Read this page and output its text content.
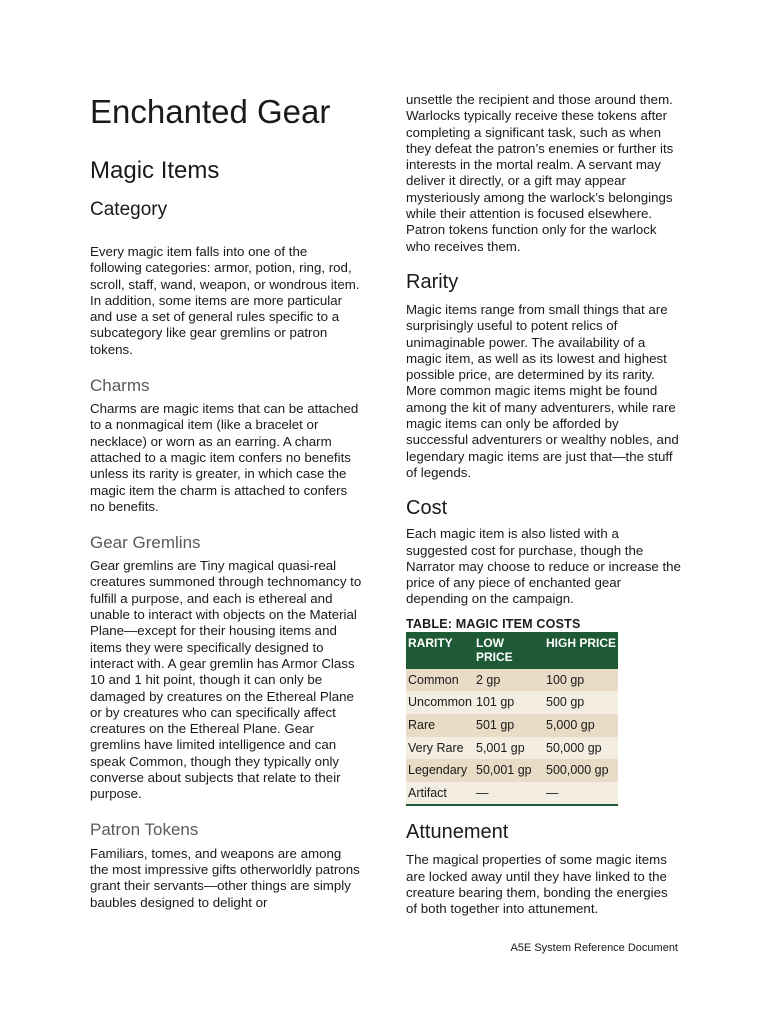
Enchanted Gear
Magic Items
Category

Every magic item falls into one of the following categories: armor, potion, ring, rod, scroll, staff, wand, weapon, or wondrous item. In addition, some items are more particular and use a set of general rules specific to a subcategory like gear gremlins or patron tokens.

Charms

Charms are magic items that can be attached to a nonmagical item (like a bracelet or necklace) or worn as an earring. A charm attached to a magic item confers no benefits unless its rarity is greater, in which case the magic item the charm is attached to confers no benefits.

Gear Gremlins

Gear gremlins are Tiny magical quasi-real creatures summoned through technomancy to fulfill a purpose, and each is ethereal and unable to interact with objects on the Material Plane—except for their housing items and items they were specifically designed to interact with. A gear gremlin has Armor Class 10 and 1 hit point, though it can only be damaged by creatures on the Ethereal Plane or by creatures who can specifically affect creatures on the Ethereal Plane. Gear gremlins have limited intelligence and can speak Common, though they typically only converse about subjects that relate to their purpose.

Patron Tokens

Familiars, tomes, and weapons are among the most impressive gifts otherworldly patrons grant their servants—other things are simply baubles designed to delight or

unsettle the recipient and those around them. Warlocks typically receive these tokens after completing a significant task, such as when they defeat the patron’s enemies or further its interests in the mortal realm. A servant may deliver it directly, or a gift may appear mysteriously among the warlock’s belongings while their attention is focused elsewhere. Patron tokens function only for the warlock who receives them.

Rarity

Magic items range from small things that are surprisingly useful to potent relics of unimaginable power. The availability of a magic item, as well as its lowest and highest possible price, are determined by its rarity. More common magic items might be found among the kit of many adventurers, while rare magic items can only be afforded by successful adventurers or wealthy nobles, and legendary magic items are just that—the stuff of legends.

Cost

Each magic item is also listed with a suggested cost for purchase, though the Narrator may choose to reduce or increase the price of any piece of enchanted gear depending on the campaign.

TABLE: MAGIC ITEM COSTS
RARITY	LOW PRICE	HIGH PRICE
Common	2 gp	100 gp
Uncommon	101 gp	500 gp
Rare	501 gp	5,000 gp
Very Rare	5,001 gp	50,000 gp
Legendary	50,001 gp	500,000 gp
Artifact	—	—
Attunement

The magical properties of some magic items are locked away until they have linked to the creature bearing them, bonding the energies of both together into attunement.

A5E System Reference Document
